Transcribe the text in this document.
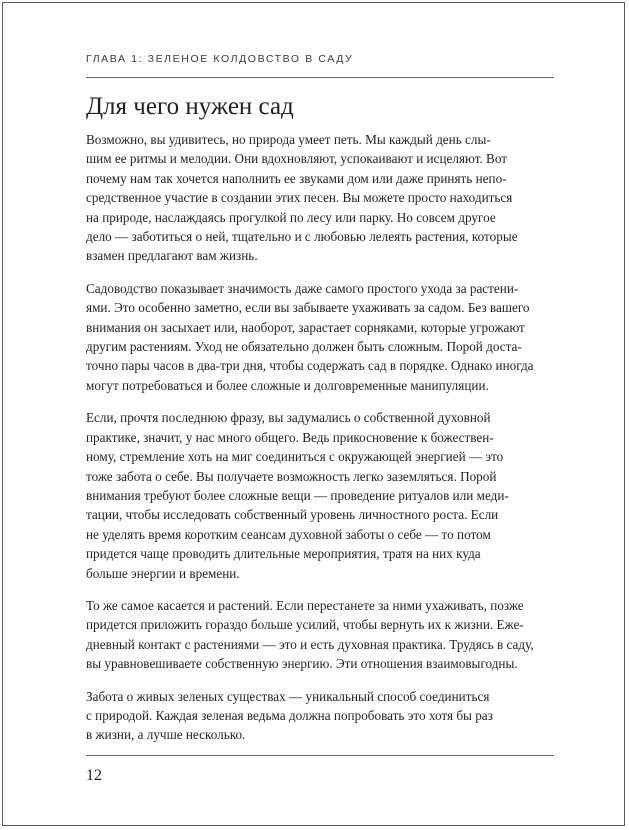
ГЛАВА 1: ЗЕЛЕНОЕ КОЛДОВСТВО В САДУ
Для чего нужен сад

Возможно, вы удивитесь, но природа умеет петь. Мы каждый день слы-
шим ее ритмы и мелодии. Они вдохновляют, успокаивают и исцеляют. Вот
почему нам так хочется наполнить ее звуками дом или даже принять непо-
средственное участие в создании этих песен. Вы можете просто находиться
на природе, наслаждаясь прогулкой по лесу или парку. Но совсем другое
дело — заботиться о ней, тщательно и с любовью лелеять растения, которые
взамен предлагают вам жизнь.

Садоводство показывает значимость даже самого простого ухода за растени-
ями. Это особенно заметно, если вы забываете ухаживать за садом. Без вашего
внимания он засыхает или, наоборот, зарастает сорняками, которые угрожают
другим растениям. Уход не обязательно должен быть сложным. Порой доста-
точно пары часов в два-три дня, чтобы содержать сад в порядке. Однако иногда
могут потребоваться и более сложные и долговременные манипуляции.

Если, прочтя последнюю фразу, вы задумались о собственной духовной
практике, значит, у нас много общего. Ведь прикосновение к божествен-
ному, стремление хоть на миг соединиться с окружающей энергией — это
тоже забота о себе. Вы получаете возможность легко заземляться. Порой
внимания требуют более сложные вещи — проведение ритуалов или меди-
тации, чтобы исследовать собственный уровень личностного роста. Если
не уделять время коротким сеансам духовной заботы о себе — то потом
придется чаще проводить длительные мероприятия, тратя на них куда
больше энергии и времени.

То же самое касается и растений. Если перестанете за ними ухаживать, позже
придется приложить гораздо больше усилий, чтобы вернуть их к жизни. Еже-
дневный контакт с растениями — это и есть духовная практика. Трудясь в саду,
вы уравновешиваете собственную энергию. Эти отношения взаимовыгодны.

Забота о живых зеленых существах — уникальный способ соединиться
с природой. Каждая зеленая ведьма должна попробовать это хотя бы раз
в жизни, а лучше несколько.

12
